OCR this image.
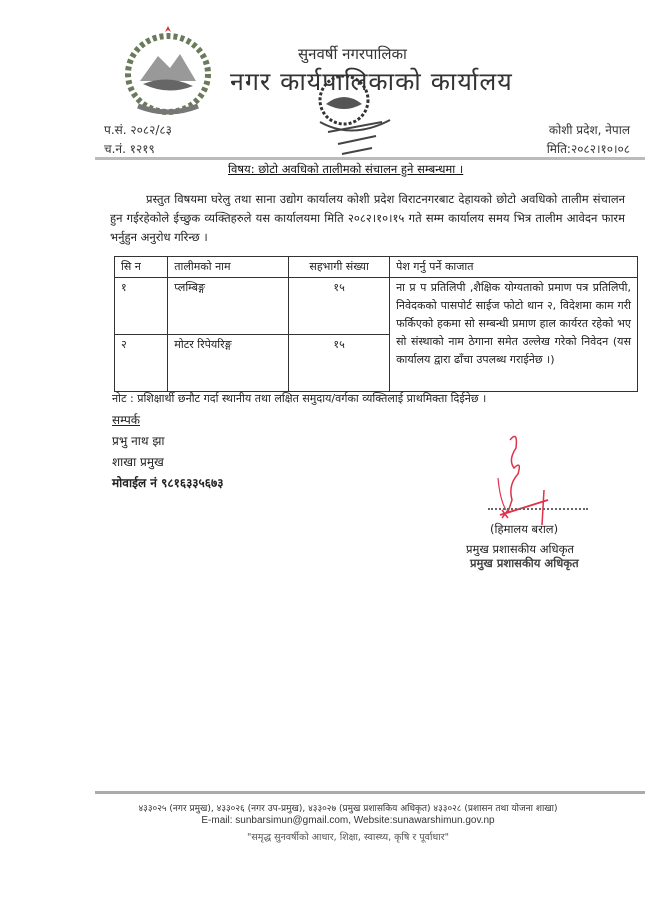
सुनवर्षी नगरपालिका
नगर कार्यपालिकाको कार्यालय
प.सं. २०८२/८३
च.नं. १२१९
कोशी प्रदेश, नेपाल
मिति:२०८२।१०।०८
विषय: छोटो अवधिको तालीमको संचालन हुने सम्बन्धमा ।
प्रस्तुत विषयमा घरेलु तथा साना उद्योग कार्यालय कोशी प्रदेश विराटनगरबाट देहायको छोटो अवधिको तालीम संचालन हुन गईरहेकोले ईच्छुक व्यक्तिहरुले यस कार्यालयमा मिति २०८२।१०।१५ गते सम्म कार्यालय समय भित्र तालीम आवेदन फारम भर्नुहुन अनुरोध गरिन्छ ।
सि न	तालीमको नाम	सहभागी संख्या	पेश गर्नु पर्ने काजात
१	प्लम्बिङ्ग	१५	ना प्र प प्रतिलिपी ,शैक्षिक योग्यताको प्रमाण पत्र प्रतिलिपी, निवेदकको पासपोर्ट साईज फोटो थान २, विदेशमा काम गरी फर्किएको हकमा सो सम्बन्धी प्रमाण हाल कार्यरत रहेको भए सो संस्थाको नाम ठेगाना समेत उल्लेख गरेको निवेदन (यस कार्यालय द्वारा ढाँचा उपलब्ध गराईनेछ ।)
२	मोटर रिपेयरिङ्ग	१५	
नोट : प्रशिक्षार्थी छनौट गर्दा स्थानीय तथा लक्षित समुदाय/वर्गका व्यक्तिलाई प्राथमिक्ता दिईनेछ ।
सम्पर्क
प्रभु नाथ झा
शाखा प्रमुख
मोवाईल नं ९८१६३३५६७३
(हिमालय बराल)
प्रमुख प्रशासकीय अधिकृत
प्रमुख प्रशासकीय अधिकृत
४३३०२५ (नगर प्रमुख), ४३३०२६ (नगर उप-प्रमुख), ४३३०२७ (प्रमुख प्रशासकिय अधिकृत) ४३३०२८ (प्रशासन तथा योजना शाखा)
E-mail: sunbarsimun@gmail.com, Website:sunawarshimun.gov.np
"समृद्ध सुनवर्षीको आधार, शिक्षा, स्वास्थ्य, कृषि र पूर्वाधार"
